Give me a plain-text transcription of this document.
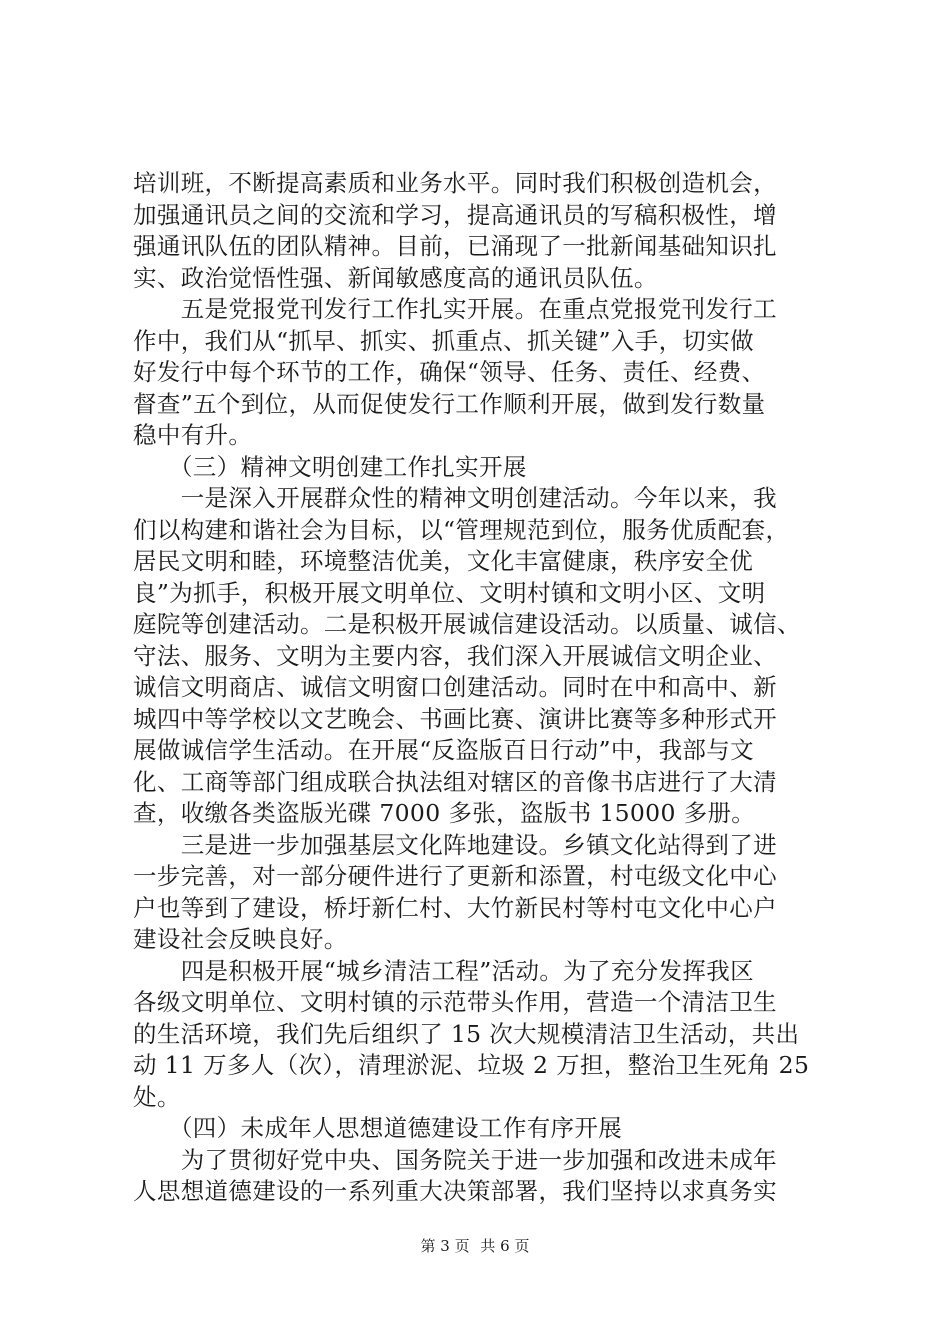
培训班，不断提高素质和业务水平。同时我们积极创造机会，
加强通讯员之间的交流和学习，提高通讯员的写稿积极性，增
强通讯队伍的团队精神。目前，已涌现了一批新闻基础知识扎
实、政治觉悟性强、新闻敏感度高的通讯员队伍。
　　五是党报党刊发行工作扎实开展。在重点党报党刊发行工
作中，我们从“抓早、抓实、抓重点、抓关键”入手，切实做
好发行中每个环节的工作，确保“领导、任务、责任、经费、
督查”五个到位，从而促使发行工作顺利开展，做到发行数量
稳中有升。
　　（三）精神文明创建工作扎实开展
　　一是深入开展群众性的精神文明创建活动。今年以来，我
们以构建和谐社会为目标，以“管理规范到位，服务优质配套，
居民文明和睦，环境整洁优美，文化丰富健康，秩序安全优
良”为抓手，积极开展文明单位、文明村镇和文明小区、文明
庭院等创建活动。二是积极开展诚信建设活动。以质量、诚信、
守法、服务、文明为主要内容，我们深入开展诚信文明企业、
诚信文明商店、诚信文明窗口创建活动。同时在中和高中、新
城四中等学校以文艺晚会、书画比赛、演讲比赛等多种形式开
展做诚信学生活动。在开展“反盗版百日行动”中，我部与文
化、工商等部门组成联合执法组对辖区的音像书店进行了大清
查，收缴各类盗版光碟 7000 多张，盗版书 15000 多册。
　　三是进一步加强基层文化阵地建设。乡镇文化站得到了进
一步完善，对一部分硬件进行了更新和添置，村屯级文化中心
户也等到了建设，桥圩新仁村、大竹新民村等村屯文化中心户
建设社会反映良好。
　　四是积极开展“城乡清洁工程”活动。为了充分发挥我区
各级文明单位、文明村镇的示范带头作用，营造一个清洁卫生
的生活环境，我们先后组织了 15 次大规模清洁卫生活动，共出
动 11 万多人（次），清理淤泥、垃圾 2 万担，整治卫生死角 25
处。
　　（四）未成年人思想道德建设工作有序开展
　　为了贯彻好党中央、国务院关于进一步加强和改进未成年
人思想道德建设的一系列重大决策部署，我们坚持以求真务实
第 3 页 共 6 页
